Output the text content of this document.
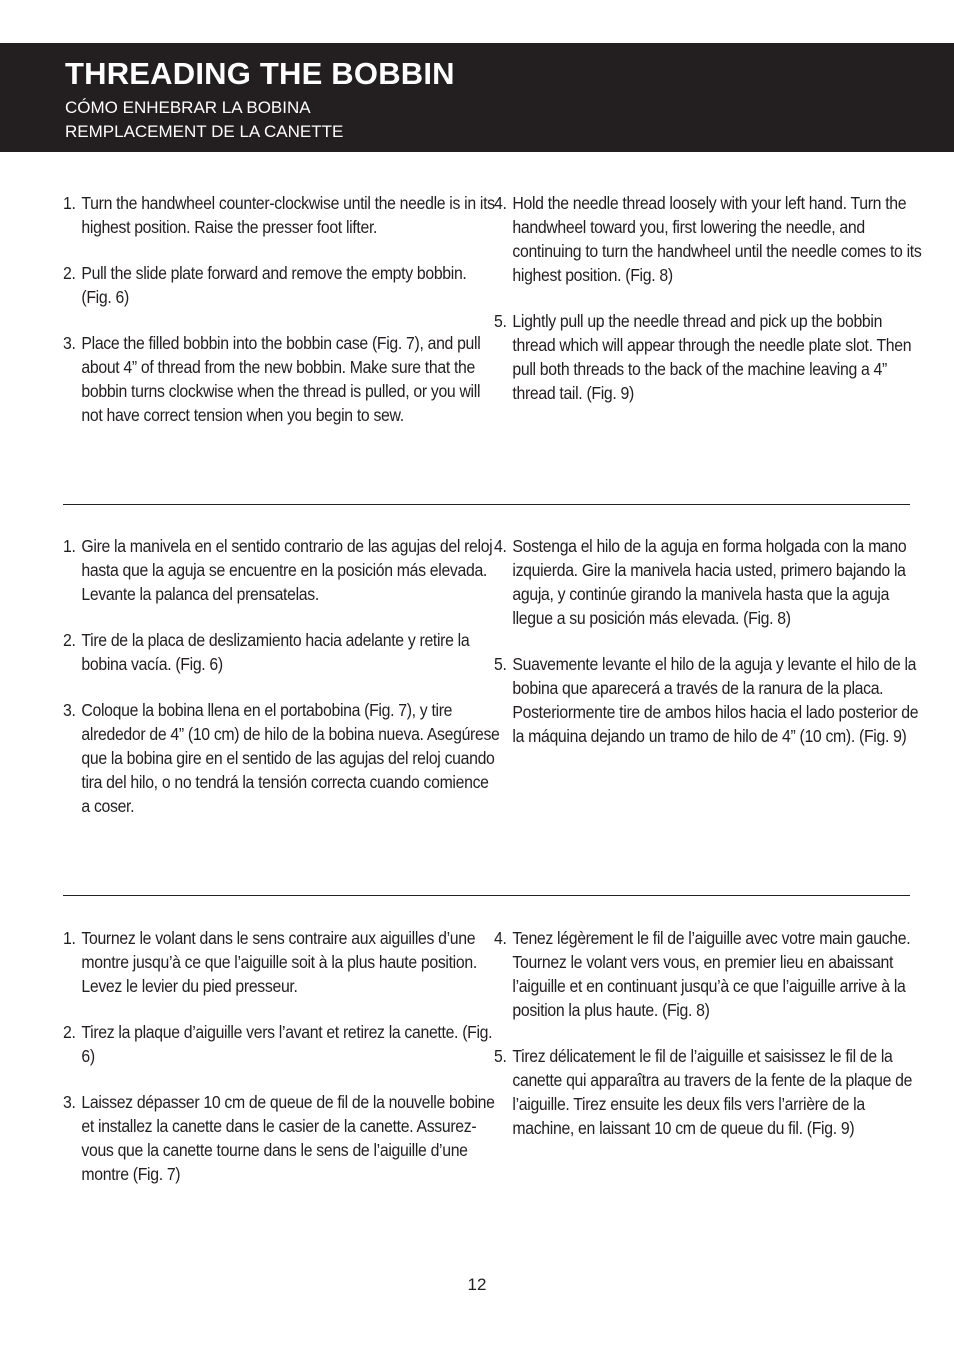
THREADING THE BOBBIN

CÓMO ENHEBRAR LA BOBINA

REMPLACEMENT DE LA CANETTE

1. Turn the handwheel counter-clockwise until the needle is in its highest position. Raise the presser foot lifter.
2. Pull the slide plate forward and remove the empty bobbin. (Fig. 6)
3. Place the filled bobbin into the bobbin case (Fig. 7), and pull about 4” of thread from the new bobbin. Make sure that the bobbin turns clockwise when the thread is pulled, or you will not have correct tension when you begin to sew.
4. Hold the needle thread loosely with your left hand. Turn the handwheel toward you, first lowering the needle, and continuing to turn the handwheel until the needle comes to its highest position. (Fig. 8)
5. Lightly pull up the needle thread and pick up the bobbin thread which will appear through the needle plate slot. Then pull both threads to the back of the machine leaving a 4” thread tail. (Fig. 9)
1. Gire la manivela en el sentido contrario de las agujas del reloj hasta que la aguja se encuentre en la posición más elevada. Levante la palanca del prensatelas.
2. Tire de la placa de deslizamiento hacia adelante y retire la bobina vacía. (Fig. 6)
3. Coloque la bobina llena en el portabobina (Fig. 7), y tire alrededor de 4” (10 cm) de hilo de la bobina nueva. Asegúrese que la bobina gire en el sentido de las agujas del reloj cuando tira del hilo, o no tendrá la tensión correcta cuando comience a coser.
4. Sostenga el hilo de la aguja en forma holgada con la mano izquierda. Gire la manivela hacia usted, primero bajando la aguja, y continúe girando la manivela hasta que la aguja llegue a su posición más elevada. (Fig. 8)
5. Suavemente levante el hilo de la aguja y levante el hilo de la bobina que aparecerá a través de la ranura de la placa. Posteriormente tire de ambos hilos hacia el lado posterior de la máquina dejando un tramo de hilo de 4” (10 cm). (Fig. 9)
1. Tournez le volant dans le sens contraire aux aiguilles d’une montre jusqu’à ce que l’aiguille soit à la plus haute position. Levez le levier du pied presseur.
2. Tirez la plaque d’aiguille vers l’avant et retirez la canette. (Fig. 6)
3. Laissez dépasser 10 cm de queue de fil de la nouvelle bobine et installez la canette dans le casier de la canette. Assurez-vous que la canette tourne dans le sens de l’aiguille d’une montre (Fig. 7)
4. Tenez légèrement le fil de l’aiguille avec votre main gauche. Tournez le volant vers vous, en premier lieu en abaissant l’aiguille et en continuant jusqu’à ce que l’aiguille arrive à la position la plus haute. (Fig. 8)
5. Tirez délicatement le fil de l’aiguille et saisissez le fil de la canette qui apparaîtra au travers de la fente de la plaque de l’aiguille. Tirez ensuite les deux fils vers l’arrière de la machine, en laissant 10 cm de queue du fil. (Fig. 9)
12
